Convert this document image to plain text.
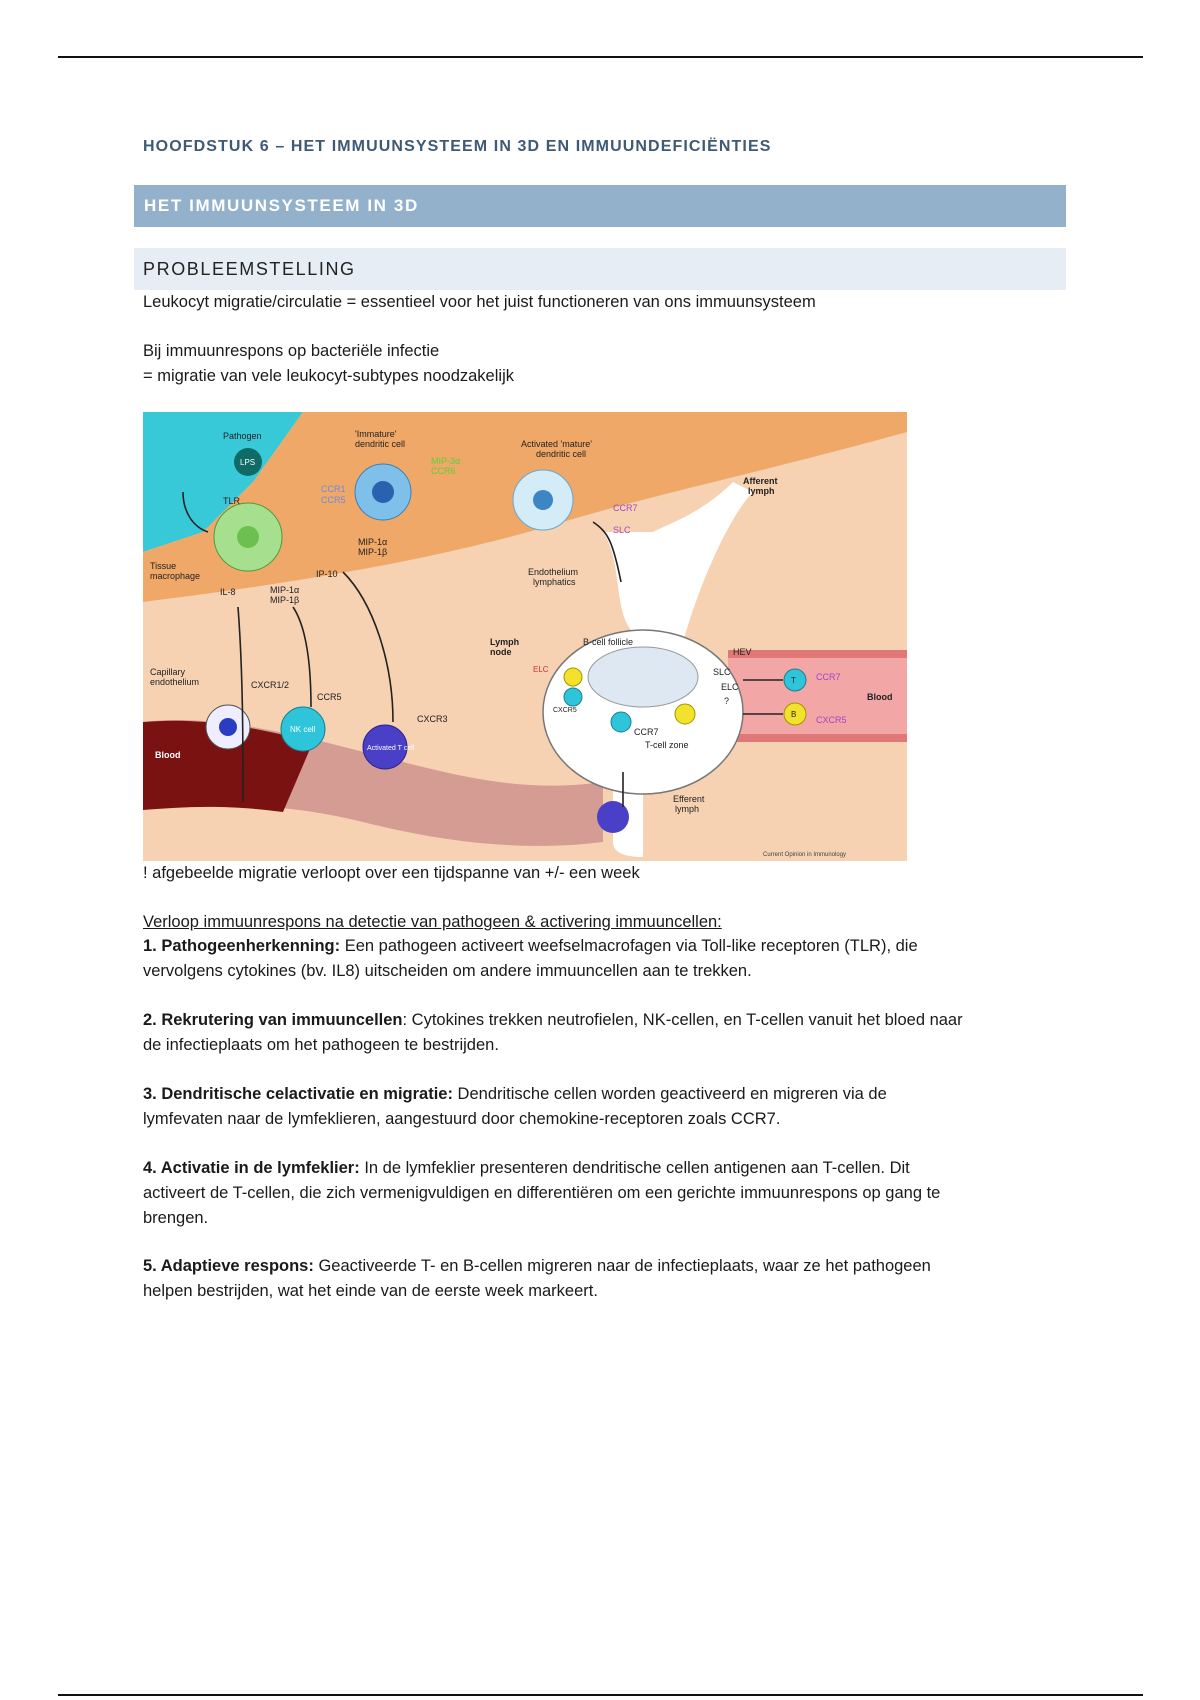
HOOFDSTUK 6 – HET IMMUUNSYSTEEM IN 3D EN IMMUUNDEFICIËNTIES
HET IMMUUNSYSTEEM IN 3D
PROBLEEMSTELLING
Leukocyt migratie/circulatie = essentieel voor het juist functioneren van ons immuunsysteem
Bij immuunrespons op bacteriële infectie
= migratie van vele leukocyt-subtypes noodzakelijk
Pathogen
LPS
'Immature'
dendritic cell
MIP-3α
CCR6
CCR1
CCR5
Activated 'mature'
dendritic cell
Afferent
lymph
TLR
CCR7
SLC
MIP-1α
MIP-1β
Tissue
macrophage	IP-10
IL-8	MIP-1α
MIP-1β
Endothelium
lymphatics
Lymph
node
B-cell follicle
HEV
Capillary
endothelium	CXCR1/2
CCR5
SLC
ELC
?
CCR7
Blood
CXCR5
ELC
CXCR5
CCR7
T-cell zone
CXCR3
Blood
NK cell
Activated T cell
Efferent
lymph
T
B
Current Opinion in Immunology
! afgebeelde migratie verloopt over een tijdspanne van +/- een week
Verloop immuunrespons na detectie van pathogeen & activering immuuncellen:
1. Pathogeenherkenning: Een pathogeen activeert weefselmacrofagen via Toll-like receptoren (TLR), die
vervolgens cytokines (bv. IL8) uitscheiden om andere immuuncellen aan te trekken.
2. Rekrutering van immuuncellen: Cytokines trekken neutrofielen, NK-cellen, en T-cellen vanuit het bloed naar
de infectieplaats om het pathogeen te bestrijden.
3. Dendritische celactivatie en migratie: Dendritische cellen worden geactiveerd en migreren via de
lymfevaten naar de lymfeklieren, aangestuurd door chemokine-receptoren zoals CCR7.
4. Activatie in de lymfeklier: In de lymfeklier presenteren dendritische cellen antigenen aan T-cellen. Dit
activeert de T-cellen, die zich vermenigvuldigen en differentiëren om een gerichte immuunrespons op gang te
brengen.
5. Adaptieve respons: Geactiveerde T- en B-cellen migreren naar de infectieplaats, waar ze het pathogeen
helpen bestrijden, wat het einde van de eerste week markeert.
